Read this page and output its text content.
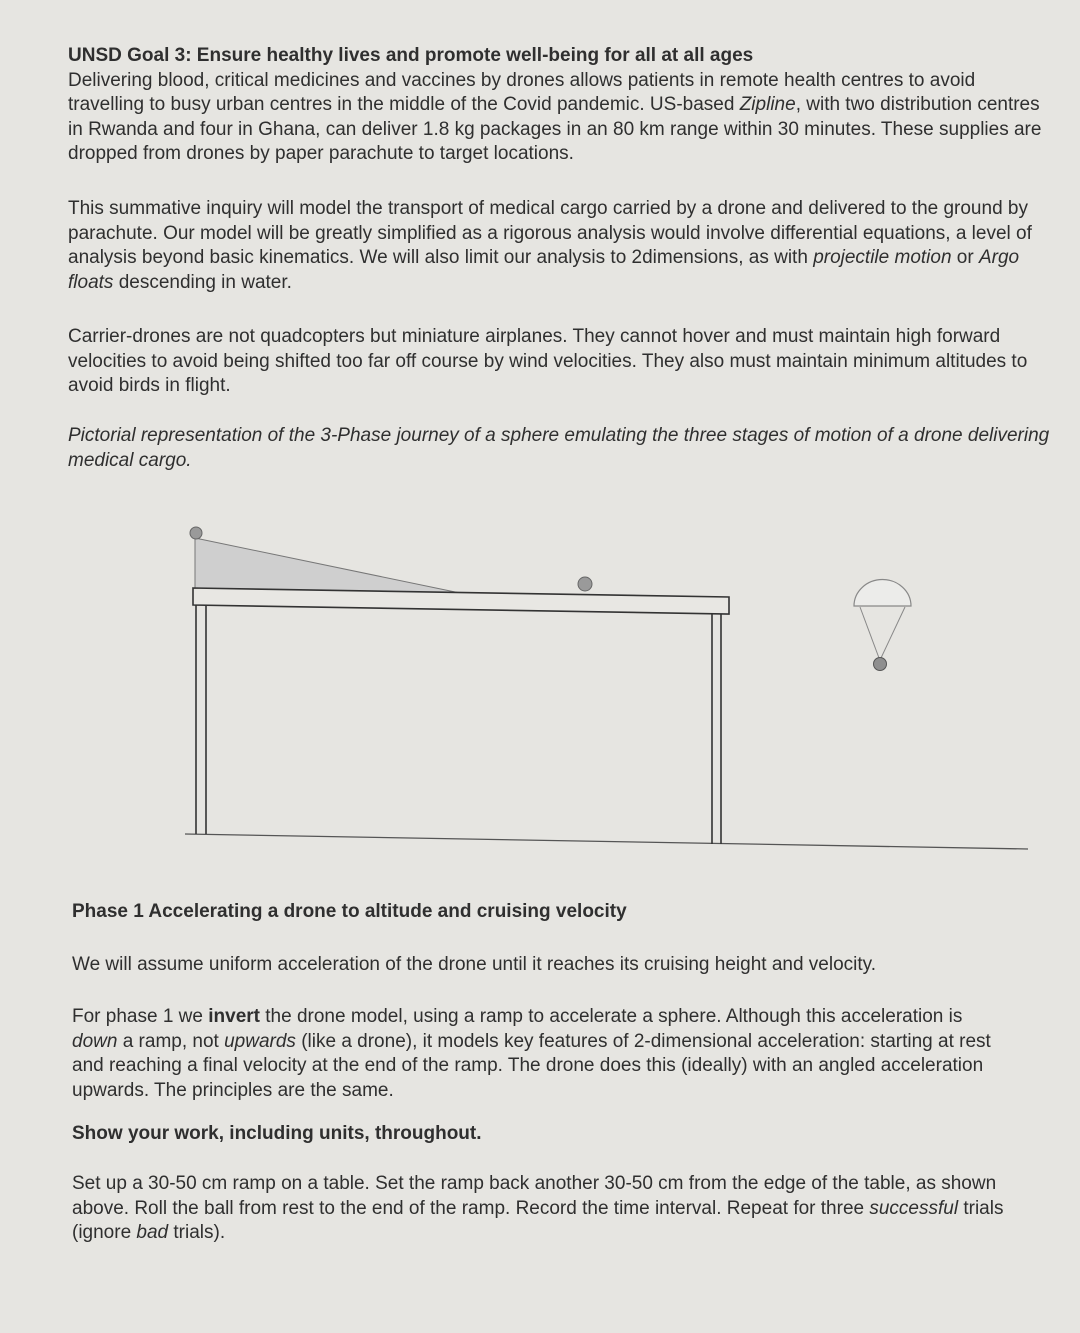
UNSD Goal 3: Ensure healthy lives and promote well-being for all at all ages

Delivering blood, critical medicines and vaccines by drones allows patients in remote health centres to avoid travelling to busy urban centres in the middle of the Covid pandemic. US-based Zipline, with two distribution centres in Rwanda and four in Ghana, can deliver 1.8 kg packages in an 80 km range within 30 minutes. These supplies are dropped from drones by paper parachute to target locations.

This summative inquiry will model the transport of medical cargo carried by a drone and delivered to the ground by parachute. Our model will be greatly simplified as a rigorous analysis would involve differential equations, a level of analysis beyond basic kinematics. We will also limit our analysis to 2dimensions, as with projectile motion or Argo floats descending in water.

Carrier-drones are not quadcopters but miniature airplanes. They cannot hover and must maintain high forward velocities to avoid being shifted too far off course by wind velocities. They also must maintain minimum altitudes to avoid birds in flight.

Pictorial representation of the 3-Phase journey of a sphere emulating the three stages of motion of a drone delivering medical cargo.

Phase 1 Accelerating a drone to altitude and cruising velocity

We will assume uniform acceleration of the drone until it reaches its cruising height and velocity.

For phase 1 we invert the drone model, using a ramp to accelerate a sphere. Although this acceleration is down a ramp, not upwards (like a drone), it models key features of 2-dimensional acceleration: starting at rest and reaching a final velocity at the end of the ramp. The drone does this (ideally) with an angled acceleration upwards. The principles are the same.

Show your work, including units, throughout.

Set up a 30-50 cm ramp on a table. Set the ramp back another 30-50 cm from the edge of the table, as shown above. Roll the ball from rest to the end of the ramp. Record the time interval. Repeat for three successful trials (ignore bad trials).
